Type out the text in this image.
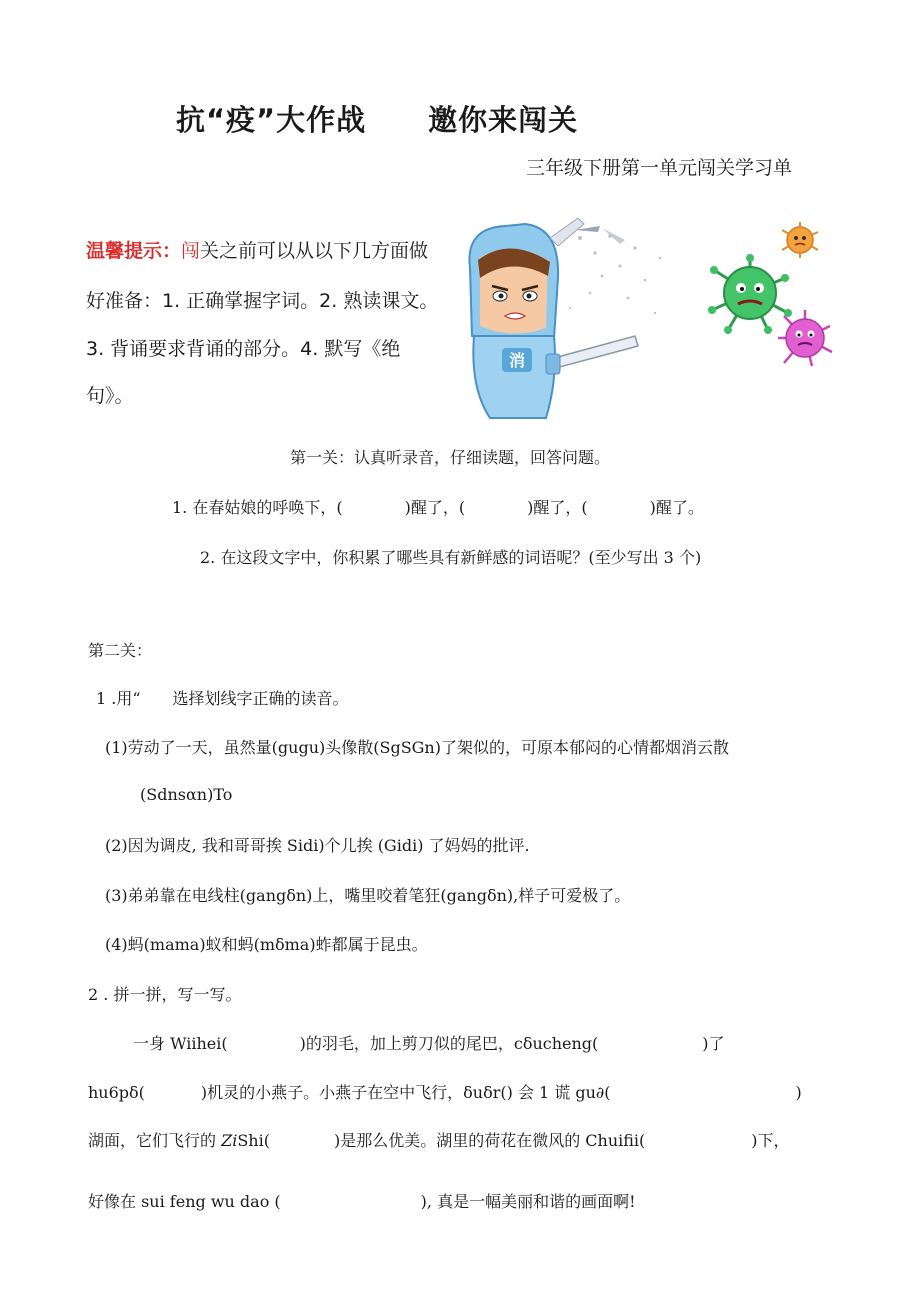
抗“疫”大作战 邀你来闯关
三年级下册第一单元闯关学习单
温馨提示：闯关之前可以从以下几方面做
好准备：1. 正确掌握字词。2. 熟读课文。
3. 背诵要求背诵的部分。4. 默写《绝
句》。
消
第一关：认真听录音，仔细读题，回答问题。
1. 在春姑娘的呼唤下，(	)醒了，(	)醒了，(	)醒了。
2. 在这段文字中，你积累了哪些具有新鲜感的词语呢？(至少写出 3 个)
第二关：
1 .用“　　选择划线字正确的读音。
(1)劳动了一天，虽然量(gugu)头像散(SgSGn)了架似的，可原本郁闷的心情都烟消云散
(Sdnsαn)To
(2)因为调皮, 我和哥哥挨 Sidi)个儿挨 (Gidi) 了妈妈的批评.
(3)弟弟靠在电线柱(gangδn)上，嘴里咬着笔狂(gangδn),样子可爱极了。
(4)蚂(mama)蚁和蚂(mδma)蚱都属于昆虫。
2 . 拼一拼，写一写。
一身 Wiihei(	)的羽毛，加上剪刀似的尾巴，cδucheng(	)了
hu6pδ(	)机灵的小燕子。小燕子在空中飞行，δuδr() 会 1 谎 gu∂(	)
湖面，它们飞行的 ZiShi(	)是那么优美。湖里的荷花在微风的 Chuifii(	)下，
好像在 sui feng wu dao (	), 真是一幅美丽和谐的画面啊!
